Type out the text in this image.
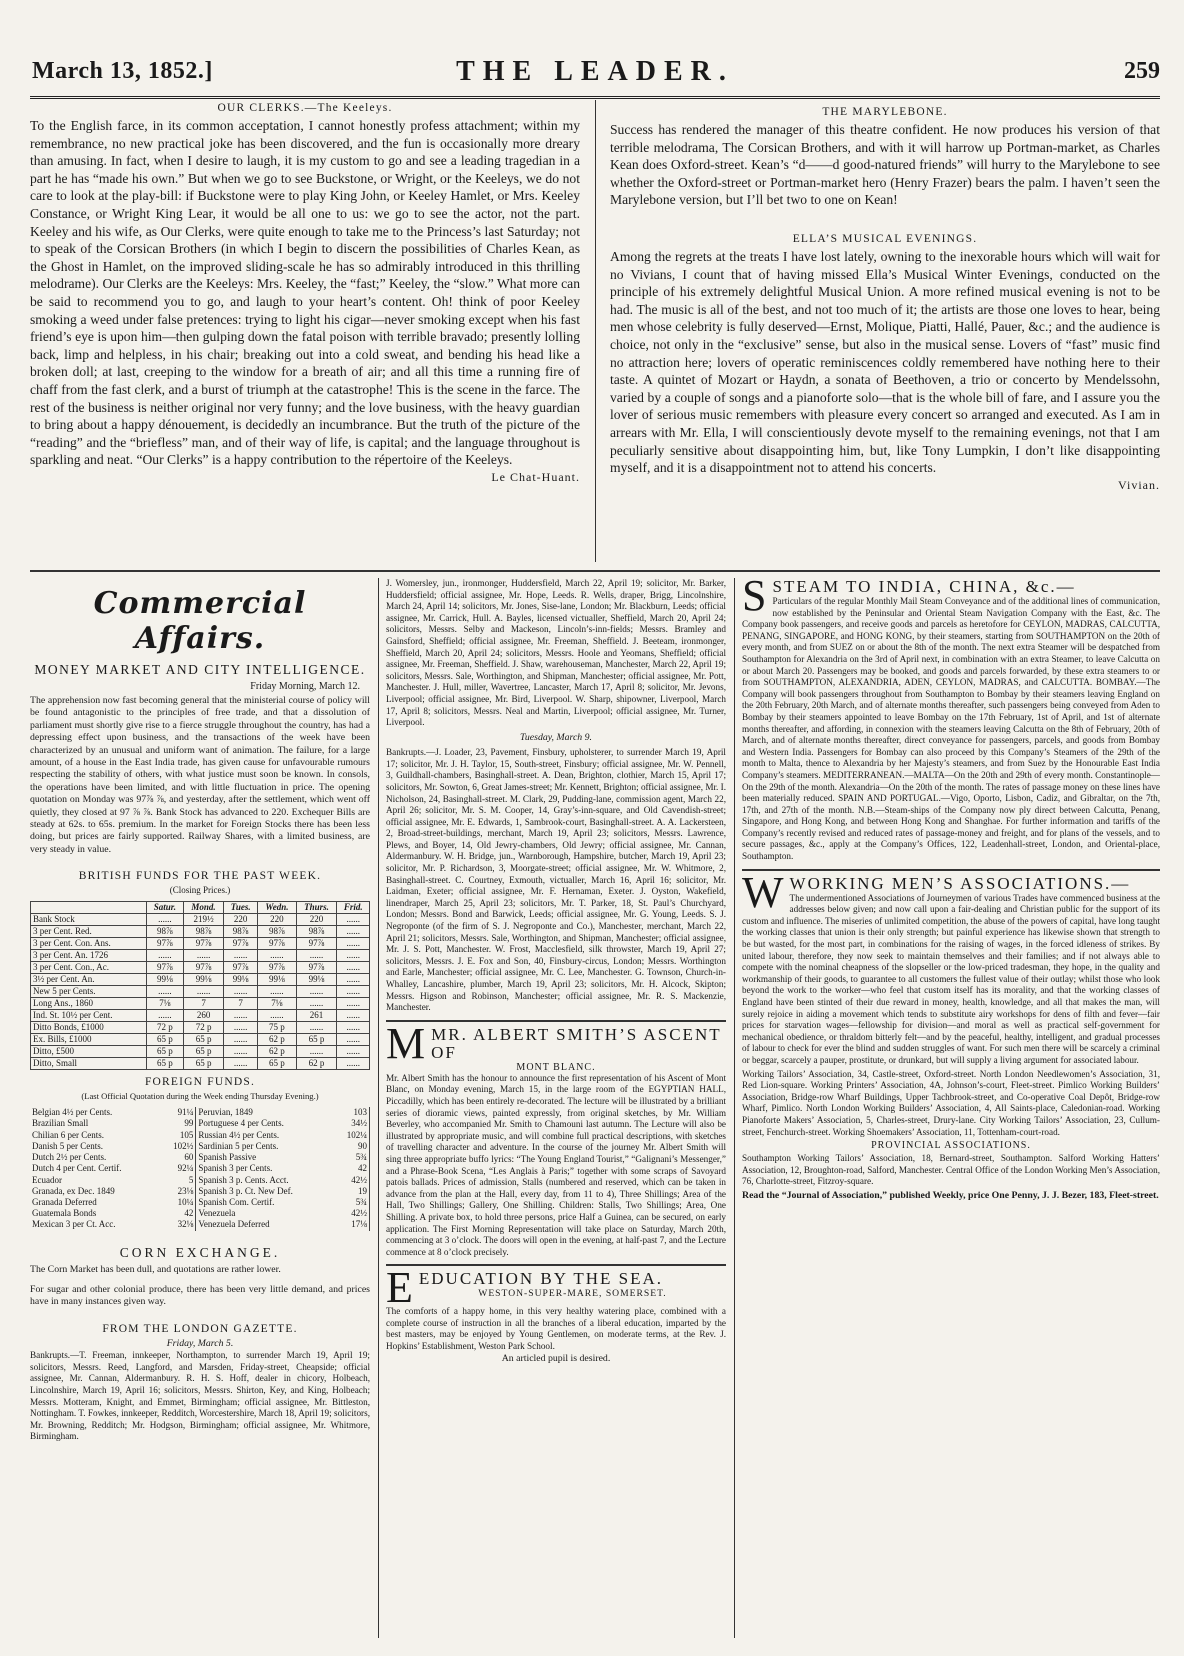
THE LEADER.
March 13, 1852.]	259
OUR CLERKS.—The Keeleys.

To the English farce, in its common acceptation, I cannot honestly profess attachment; within my remembrance, no new practical joke has been discovered, and the fun is occasionally more dreary than amusing. In fact, when I desire to laugh, it is my custom to go and see a leading tragedian in a part he has “made his own.” But when we go to see Buckstone, or Wright, or the Keeleys, we do not care to look at the play-bill: if Buckstone were to play King John, or Keeley Hamlet, or Mrs. Keeley Constance, or Wright King Lear, it would be all one to us: we go to see the actor, not the part. Keeley and his wife, as Our Clerks, were quite enough to take me to the Princess’s last Saturday; not to speak of the Corsican Brothers (in which I begin to discern the possibilities of Charles Kean, as the Ghost in Hamlet, on the improved sliding-scale he has so admirably introduced in this thrilling melodrame). Our Clerks are the Keeleys: Mrs. Keeley, the “fast;” Keeley, the “slow.” What more can be said to recommend you to go, and laugh to your heart’s content. Oh! think of poor Keeley smoking a weed under false pretences: trying to light his cigar—never smoking except when his fast friend’s eye is upon him—then gulping down the fatal poison with terrible bravado; presently lolling back, limp and helpless, in his chair; breaking out into a cold sweat, and bending his head like a broken doll; at last, creeping to the window for a breath of air; and all this time a running fire of chaff from the fast clerk, and a burst of triumph at the catastrophe! This is the scene in the farce. The rest of the business is neither original nor very funny; and the love business, with the heavy guardian to bring about a happy dénouement, is decidedly an incumbrance. But the truth of the picture of the “reading” and the “briefless” man, and of their way of life, is capital; and the language throughout is sparkling and neat. “Our Clerks” is a happy contribution to the répertoire of the Keeleys.

Le Chat-Huant.
THE MARYLEBONE.

Success has rendered the manager of this theatre confident. He now produces his version of that terrible melodrama, The Corsican Brothers, and with it will harrow up Portman-market, as Charles Kean does Oxford-street. Kean’s “d——d good-natured friends” will hurry to the Marylebone to see whether the Oxford-street or Portman-market hero (Henry Frazer) bears the palm. I haven’t seen the Marylebone version, but I’ll bet two to one on Kean!

ELLA’S MUSICAL EVENINGS.

Among the regrets at the treats I have lost lately, owning to the inexorable hours which will wait for no Vivians, I count that of having missed Ella’s Musical Winter Evenings, conducted on the principle of his extremely delightful Musical Union. A more refined musical evening is not to be had. The music is all of the best, and not too much of it; the artists are those one loves to hear, being men whose celebrity is fully deserved—Ernst, Molique, Piatti, Hallé, Pauer, &c.; and the audience is choice, not only in the “exclusive” sense, but also in the musical sense. Lovers of “fast” music find no attraction here; lovers of operatic reminiscences coldly remembered have nothing here to their taste. A quintet of Mozart or Haydn, a sonata of Beethoven, a trio or concerto by Mendelssohn, varied by a couple of songs and a pianoforte solo—that is the whole bill of fare, and I assure you the lover of serious music remembers with pleasure every concert so arranged and executed. As I am in arrears with Mr. Ella, I will conscientiously devote myself to the remaining evenings, not that I am peculiarly sensitive about disappointing him, but, like Tony Lumpkin, I don’t like disappointing myself, and it is a disappointment not to attend his concerts.

Vivian.
Commercial Affairs.
MONEY MARKET AND CITY INTELLIGENCE.
Friday Morning, March 12.

The apprehension now fast becoming general that the ministerial course of policy will be found antagonistic to the principles of free trade, and that a dissolution of parliament must shortly give rise to a fierce struggle throughout the country, has had a depressing effect upon business, and the transactions of the week have been characterized by an unusual and uniform want of animation. The failure, for a large amount, of a house in the East India trade, has given cause for unfavourable rumours respecting the stability of others, with what justice must soon be known. In consols, the operations have been limited, and with little fluctuation in price. The opening quotation on Monday was 97⅞ ⅞, and yesterday, after the settlement, which went off quietly, they closed at 97 ⅞ ⅞. Bank Stock has advanced to 220. Exchequer Bills are steady at 62s. to 65s. premium. In the market for Foreign Stocks there has been less doing, but prices are fairly supported. Railway Shares, with a limited business, are very steady in value.

BRITISH FUNDS FOR THE PAST WEEK.
(Closing Prices.)
	Satur.	Mond.	Tues.	Wedn.	Thurs.	Frid.
Bank Stock	......	219½	220	220	220	......
3 per Cent. Red.	98⅞	98⅞	98⅞	98⅞	98⅞	......
3 per Cent. Con. Ans.	97⅞	97⅞	97⅞	97⅞	97⅞	......
3 per Cent. An. 1726	......	......	......	......	......	......
3 per Cent. Con., Ac.	97⅞	97⅞	97⅞	97⅞	97⅞	......
3½ per Cent. An.	99⅛	99⅛	99⅛	99⅛	99⅛	......
New 5 per Cents.	......	......	......	......	......	......
Long Ans., 1860	7⅛	7	7	7⅛	......	......
Ind. St. 10½ per Cent.	......	260	......	......	261	......
Ditto Bonds, £1000	72 p	72 p	......	75 p	......	......
Ex. Bills, £1000	65 p	65 p	......	62 p	65 p	......
Ditto, £500	65 p	65 p	......	62 p	......	......
Ditto, Small	65 p	65 p	......	65 p	62 p	......
FOREIGN FUNDS.
(Last Official Quotation during the Week ending Thursday Evening.)
Belgian 4½ per Cents.	91¼	Peruvian, 1849	103
Brazilian Small	99	Portuguese 4 per Cents.	34½
Chilian 6 per Cents.	105	Russian 4½ per Cents.	102¼
Danish 5 per Cents.	102½	Sardinian 5 per Cents.	90
Dutch 2½ per Cents.	60	Spanish Passive	5¾
Dutch 4 per Cent. Certif.	92¼	Spanish 3 per Cents.	42
Ecuador	5	Spanish 3 p. Cents. Acct.	42½
Granada, ex Dec. 1849	23⅛	Spanish 3 p. Ct. New Def.	19
Granada Deferred	10¼	Spanish Com. Certif.	5¾
Guatemala Bonds	42	Venezuela	42½
Mexican 3 per Ct. Acc.	32⅛	Venezuela Deferred	17⅛
CORN EXCHANGE.

The Corn Market has been dull, and quotations are rather lower.

For sugar and other colonial produce, there has been very little demand, and prices have in many instances given way.

FROM THE LONDON GAZETTE.
Friday, March 5.

Bankrupts.—T. Freeman, innkeeper, Northampton, to surrender March 19, April 19; solicitors, Messrs. Reed, Langford, and Marsden, Friday-street, Cheapside; official assignee, Mr. Cannan, Aldermanbury. R. H. S. Hoff, dealer in chicory, Holbeach, Lincolnshire, March 19, April 16; solicitors, Messrs. Shirton, Key, and King, Holbeach; Messrs. Motteram, Knight, and Emmet, Birmingham; official assignee, Mr. Bittleston, Nottingham. T. Fowkes, innkeeper, Redditch, Worcestershire, March 18, April 19; solicitors, Mr. Browning, Redditch; Mr. Hodgson, Birmingham; official assignee, Mr. Whitmore, Birmingham.

J. Womersley, jun., ironmonger, Huddersfield, March 22, April 19; solicitor, Mr. Barker, Huddersfield; official assignee, Mr. Hope, Leeds. R. Wells, draper, Brigg, Lincolnshire, March 24, April 14; solicitors, Mr. Jones, Sise-lane, London; Mr. Blackburn, Leeds; official assignee, Mr. Carrick, Hull. A. Bayles, licensed victualler, Sheffield, March 20, April 24; solicitors, Messrs. Selby and Mackeson, Lincoln’s-inn-fields; Messrs. Bramley and Gainsford, Sheffield; official assignee, Mr. Freeman, Sheffield. J. Beeteam, ironmonger, Sheffield, March 20, April 24; solicitors, Messrs. Hoole and Yeomans, Sheffield; official assignee, Mr. Freeman, Sheffield. J. Shaw, warehouseman, Manchester, March 22, April 19; solicitors, Messrs. Sale, Worthington, and Shipman, Manchester; official assignee, Mr. Pott, Manchester. J. Hull, miller, Wavertree, Lancaster, March 17, April 8; solicitor, Mr. Jevons, Liverpool; official assignee, Mr. Bird, Liverpool. W. Sharp, shipowner, Liverpool, March 17, April 8; solicitors, Messrs. Neal and Martin, Liverpool; official assignee, Mr. Turner, Liverpool.

Tuesday, March 9.

Bankrupts.—J. Loader, 23, Pavement, Finsbury, upholsterer, to surrender March 19, April 17; solicitor, Mr. J. H. Taylor, 15, South-street, Finsbury; official assignee, Mr. W. Pennell, 3, Guildhall-chambers, Basinghall-street. A. Dean, Brighton, clothier, March 15, April 17; solicitors, Mr. Sowton, 6, Great James-street; Mr. Kennett, Brighton; official assignee, Mr. I. Nicholson, 24, Basinghall-street. M. Clark, 29, Pudding-lane, commission agent, March 22, April 26; solicitor, Mr. S. M. Cooper, 14, Gray’s-inn-square, and Old Cavendish-street; official assignee, Mr. E. Edwards, 1, Sambrook-court, Basinghall-street. A. A. Lackersteen, 2, Broad-street-buildings, merchant, March 19, April 23; solicitors, Messrs. Lawrence, Plews, and Boyer, 14, Old Jewry-chambers, Old Jewry; official assignee, Mr. Cannan, Aldermanbury. W. H. Bridge, jun., Warnborough, Hampshire, butcher, March 19, April 23; solicitor, Mr. P. Richardson, 3, Moorgate-street; official assignee, Mr. W. Whitmore, 2, Basinghall-street. C. Courtney, Exmouth, victualler, March 16, April 16; solicitor, Mr. Laidman, Exeter; official assignee, Mr. F. Hernaman, Exeter. J. Oyston, Wakefield, linendraper, March 25, April 23; solicitors, Mr. T. Parker, 18, St. Paul’s Churchyard, London; Messrs. Bond and Barwick, Leeds; official assignee, Mr. G. Young, Leeds. S. J. Negroponte (of the firm of S. J. Negroponte and Co.), Manchester, merchant, March 22, April 21; solicitors, Messrs. Sale, Worthington, and Shipman, Manchester; official assignee, Mr. J. S. Pott, Manchester. W. Frost, Macclesfield, silk throwster, March 19, April 27; solicitors, Messrs. J. E. Fox and Son, 40, Finsbury-circus, London; Messrs. Worthington and Earle, Manchester; official assignee, Mr. C. Lee, Manchester. G. Townson, Church-in-Whalley, Lancashire, plumber, March 19, April 23; solicitors, Mr. H. Alcock, Skipton; Messrs. Higson and Robinson, Manchester; official assignee, Mr. R. S. Mackenzie, Manchester.

MMR. ALBERT SMITH’S ASCENT OF
MONT BLANC.

Mr. Albert Smith has the honour to announce the first representation of his Ascent of Mont Blanc, on Monday evening, March 15, in the large room of the EGYPTIAN HALL, Piccadilly, which has been entirely re-decorated. The lecture will be illustrated by a brilliant series of dioramic views, painted expressly, from original sketches, by Mr. William Beverley, who accompanied Mr. Smith to Chamouni last autumn. The Lecture will also be illustrated by appropriate music, and will combine full practical descriptions, with sketches of travelling character and adventure. In the course of the journey Mr. Albert Smith will sing three appropriate buffo lyrics: “The Young England Tourist,” “Galignani’s Messenger,” and a Phrase-Book Scena, “Les Anglais à Paris;” together with some scraps of Savoyard patois ballads. Prices of admission, Stalls (numbered and reserved, which can be taken in advance from the plan at the Hall, every day, from 11 to 4), Three Shillings; Area of the Hall, Two Shillings; Gallery, One Shilling. Children: Stalls, Two Shillings; Area, One Shilling. A private box, to hold three persons, price Half a Guinea, can be secured, on early application. The First Morning Representation will take place on Saturday, March 20th, commencing at 3 o’clock. The doors will open in the evening, at half-past 7, and the Lecture commence at 8 o’clock precisely.

EEDUCATION BY THE SEA.
WESTON-SUPER-MARE, SOMERSET.

The comforts of a happy home, in this very healthy watering place, combined with a complete course of instruction in all the branches of a liberal education, imparted by the best masters, may be enjoyed by Young Gentlemen, on moderate terms, at the Rev. J. Hopkins’ Establishment, Weston Park School.

An articled pupil is desired.
SSTEAM TO INDIA, CHINA, &c.—

Particulars of the regular Monthly Mail Steam Conveyance and of the additional lines of communication, now established by the Peninsular and Oriental Steam Navigation Company with the East, &c. The Company book passengers, and receive goods and parcels as heretofore for CEYLON, MADRAS, CALCUTTA, PENANG, SINGAPORE, and HONG KONG, by their steamers, starting from SOUTHAMPTON on the 20th of every month, and from SUEZ on or about the 8th of the month. The next extra Steamer will be despatched from Southampton for Alexandria on the 3rd of April next, in combination with an extra Steamer, to leave Calcutta on or about March 20. Passengers may be booked, and goods and parcels forwarded, by these extra steamers to or from SOUTHAMPTON, ALEXANDRIA, ADEN, CEYLON, MADRAS, and CALCUTTA. BOMBAY.—The Company will book passengers throughout from Southampton to Bombay by their steamers leaving England on the 20th February, 20th March, and of alternate months thereafter, such passengers being conveyed from Aden to Bombay by their steamers appointed to leave Bombay on the 17th February, 1st of April, and 1st of alternate months thereafter, and affording, in connexion with the steamers leaving Calcutta on the 8th of February, 20th of March, and of alternate months thereafter, direct conveyance for passengers, parcels, and goods from Bombay and Western India. Passengers for Bombay can also proceed by this Company’s Steamers of the 29th of the month to Malta, thence to Alexandria by her Majesty’s steamers, and from Suez by the Honourable East India Company’s steamers. MEDITERRANEAN.—MALTA—On the 20th and 29th of every month. Constantinople—On the 29th of the month. Alexandria—On the 20th of the month. The rates of passage money on these lines have been materially reduced. SPAIN AND PORTUGAL.—Vigo, Oporto, Lisbon, Cadiz, and Gibraltar, on the 7th, 17th, and 27th of the month. N.B.—Steam-ships of the Company now ply direct between Calcutta, Penang, Singapore, and Hong Kong, and between Hong Kong and Shanghae. For further information and tariffs of the Company’s recently revised and reduced rates of passage-money and freight, and for plans of the vessels, and to secure passages, &c., apply at the Company’s Offices, 122, Leadenhall-street, London, and Oriental-place, Southampton.

WWORKING MEN’S ASSOCIATIONS.—

The undermentioned Associations of Journeymen of various Trades have commenced business at the addresses below given; and now call upon a fair-dealing and Christian public for the support of its custom and influence. The miseries of unlimited competition, the abuse of the powers of capital, have long taught the working classes that union is their only strength; but painful experience has likewise shown that strength to be but wasted, for the most part, in combinations for the raising of wages, in the forced idleness of strikes. By united labour, therefore, they now seek to maintain themselves and their families; and if not always able to compete with the nominal cheapness of the slopseller or the low-priced tradesman, they hope, in the quality and workmanship of their goods, to guarantee to all customers the fullest value of their outlay; whilst those who look beyond the work to the worker—who feel that custom itself has its morality, and that the working classes of England have been stinted of their due reward in money, health, knowledge, and all that makes the man, will surely rejoice in aiding a movement which tends to substitute airy workshops for dens of filth and fever—fair prices for starvation wages—fellowship for division—and moral as well as practical self-government for mechanical obedience, or thraldom bitterly felt—and by the peaceful, healthy, intelligent, and gradual processes of labour to check for ever the blind and sudden struggles of want. For such men there will be scarcely a criminal or beggar, scarcely a pauper, prostitute, or drunkard, but will supply a living argument for associated labour.

Working Tailors’ Association, 34, Castle-street, Oxford-street. North London Needlewomen’s Association, 31, Red Lion-square. Working Printers’ Association, 4A, Johnson’s-court, Fleet-street. Pimlico Working Builders’ Association, Bridge-row Wharf Buildings, Upper Tachbrook-street, and Co-operative Coal Depôt, Bridge-row Wharf, Pimlico. North London Working Builders’ Association, 4, All Saints-place, Caledonian-road. Working Pianoforte Makers’ Association, 5, Charles-street, Drury-lane. City Working Tailors’ Association, 23, Cullum-street, Fenchurch-street. Working Shoemakers’ Association, 11, Tottenham-court-road.

PROVINCIAL ASSOCIATIONS.

Southampton Working Tailors’ Association, 18, Bernard-street, Southampton. Salford Working Hatters’ Association, 12, Broughton-road, Salford, Manchester. Central Office of the London Working Men’s Association, 76, Charlotte-street, Fitzroy-square.

Read the “Journal of Association,” published Weekly, price One Penny, J. J. Bezer, 183, Fleet-street.
